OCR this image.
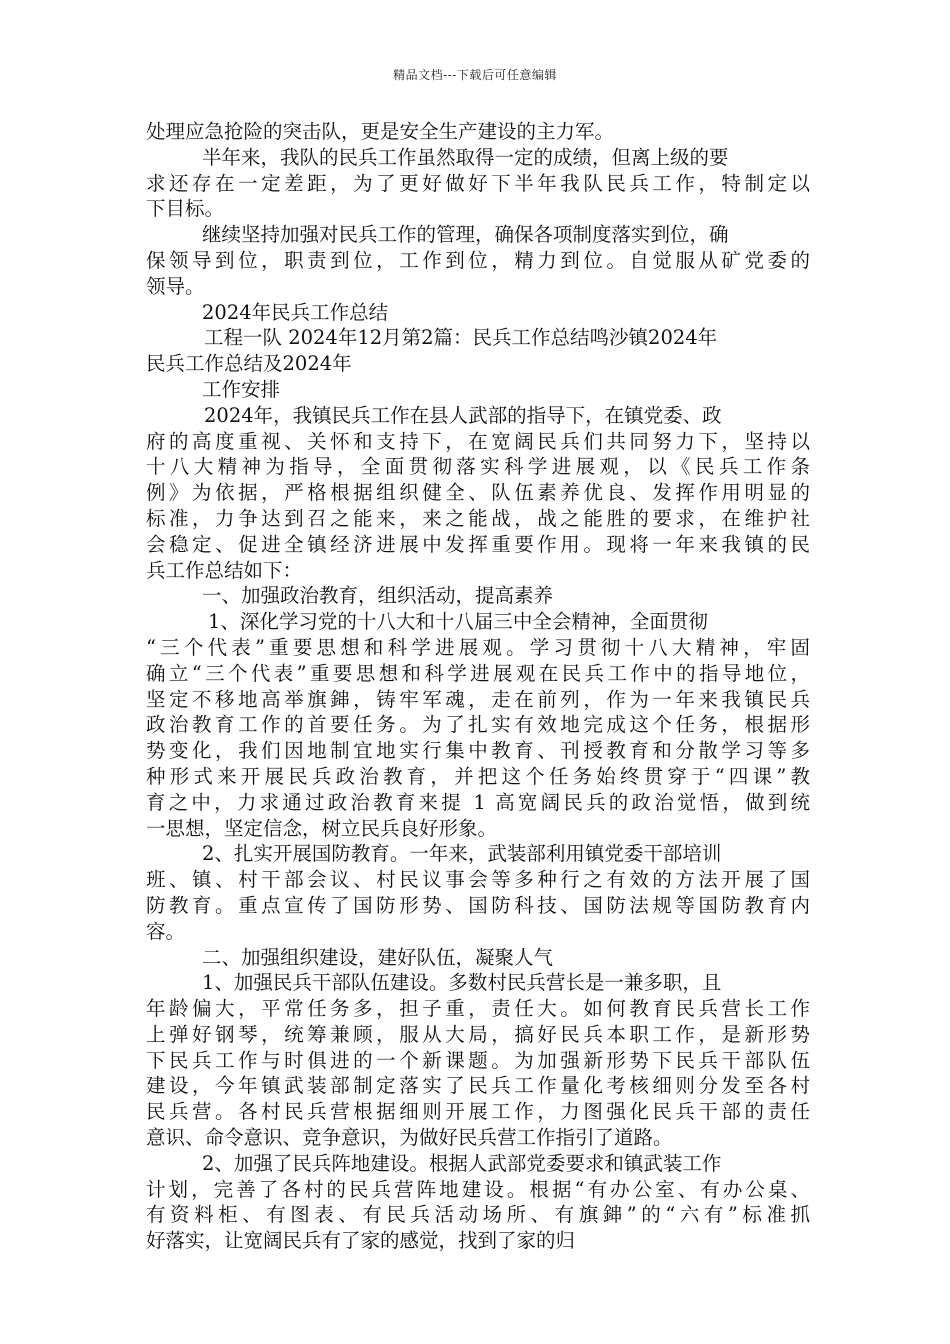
精品文档---下载后可任意编辑
处理应急抢险的突击队，更是安全生产建设的主力军。
半年来，我队的民兵工作虽然取得一定的成绩，但离上级的要
求还存在一定差距，为了更好做好下半年我队民兵工作，特制定以
下目标。
继续坚持加强对民兵工作的管理，确保各项制度落实到位，确
保领导到位，职责到位，工作到位，精力到位。自觉服从矿党委的
领导。
2024年民兵工作总结
工程一队 2024年12月第2篇：民兵工作总结鸣沙镇2024年
民兵工作总结及2024年
工作安排
2024年，我镇民兵工作在县人武部的指导下，在镇党委、政
府的高度重视、关怀和支持下，在宽阔民兵们共同努力下，坚持以
十八大精神为指导，全面贯彻落实科学进展观，以《民兵工作条
例》为依据，严格根据组织健全、队伍素养优良、发挥作用明显的
标准，力争达到召之能来，来之能战，战之能胜的要求，在维护社
会稳定、促进全镇经济进展中发挥重要作用。现将一年来我镇的民
兵工作总结如下：
一、加强政治教育，组织活动，提高素养
1、深化学习党的十八大和十八届三中全会精神，全面贯彻
“三个代表”重要思想和科学进展观。学习贯彻十八大精神，牢固
确立“三个代表”重要思想和科学进展观在民兵工作中的指导地位，
坚定不移地高举旗鋛，铸牢军魂，走在前列，作为一年来我镇民兵
政治教育工作的首要任务。为了扎实有效地完成这个任务，根据形
势变化，我们因地制宜地实行集中教育、刊授教育和分散学习等多
种形式来开展民兵政治教育，并把这个任务始终贯穿于“四课”教
育之中，力求通过政治教育来提 1 高宽阔民兵的政治觉悟，做到统
一思想，坚定信念，树立民兵良好形象。
2、扎实开展国防教育。一年来，武装部利用镇党委干部培训
班、镇、村干部会议、村民议事会等多种行之有效的方法开展了国
防教育。重点宣传了国防形势、国防科技、国防法规等国防教育内
容。
二、加强组织建设，建好队伍，凝聚人气
1、加强民兵干部队伍建设。多数村民兵营长是一兼多职，且
年龄偏大，平常任务多，担子重，责任大。如何教育民兵营长工作
上弹好钢琴，统筹兼顾，服从大局，搞好民兵本职工作，是新形势
下民兵工作与时俱进的一个新课题。为加强新形势下民兵干部队伍
建设，今年镇武装部制定落实了民兵工作量化考核细则分发至各村
民兵营。各村民兵营根据细则开展工作，力图强化民兵干部的责任
意识、命令意识、竞争意识，为做好民兵营工作指引了道路。
2、加强了民兵阵地建设。根据人武部党委要求和镇武装工作
计划，完善了各村的民兵营阵地建设。根据“有办公室、有办公桌、
有资料柜、有图表、有民兵活动场所、有旗鋛”的“六有”标准抓
好落实，让宽阔民兵有了家的感觉，找到了家的归
